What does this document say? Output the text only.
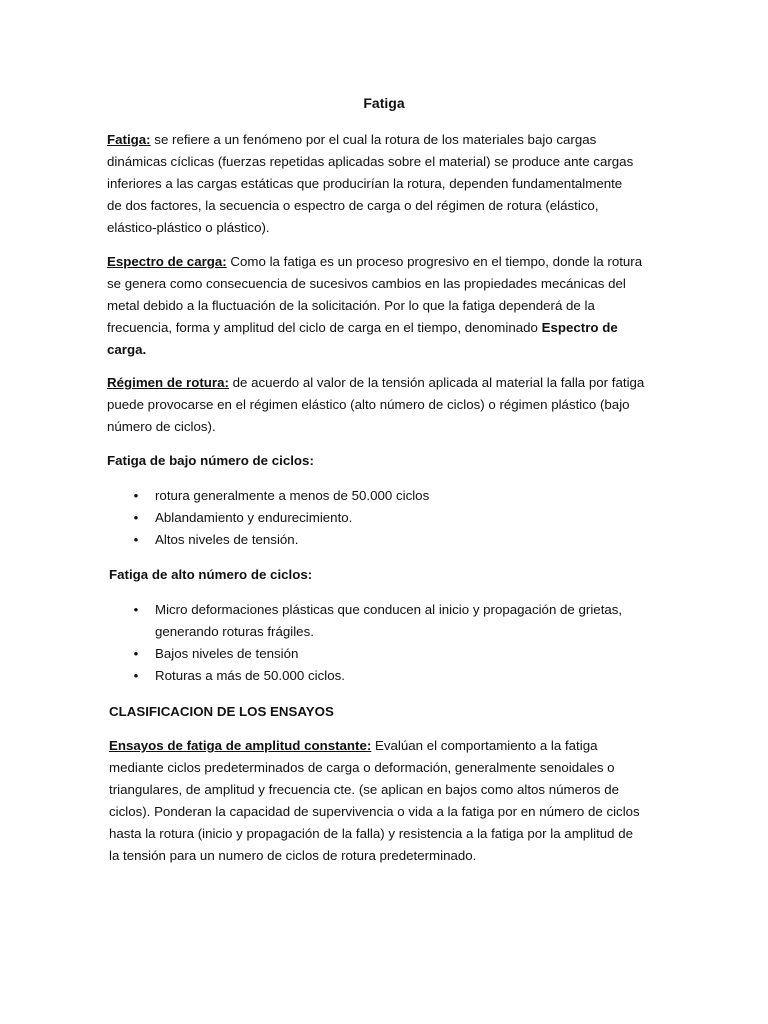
Fatiga
Fatiga: se refiere a un fenómeno por el cual la rotura de los materiales bajo cargas
dinámicas cíclicas (fuerzas repetidas aplicadas sobre el material) se produce ante cargas
inferiores a las cargas estáticas que producirían la rotura, dependen fundamentalmente
de dos factores, la secuencia o espectro de carga o del régimen de rotura (elástico,
elástico-plástico o plástico).
Espectro de carga: Como la fatiga es un proceso progresivo en el tiempo, donde la rotura
se genera como consecuencia de sucesivos cambios en las propiedades mecánicas del
metal debido a la fluctuación de la solicitación. Por lo que la fatiga dependerá de la
frecuencia, forma y amplitud del ciclo de carga en el tiempo, denominado Espectro de
carga.
Régimen de rotura: de acuerdo al valor de la tensión aplicada al material la falla por fatiga
puede provocarse en el régimen elástico (alto número de ciclos) o régimen plástico (bajo
número de ciclos).
Fatiga de bajo número de ciclos:
• rotura generalmente a menos de 50.000 ciclos
• Ablandamiento y endurecimiento.
• Altos niveles de tensión.
Fatiga de alto número de ciclos:
• Micro deformaciones plásticas que conducen al inicio y propagación de grietas,
generando roturas frágiles.
• Bajos niveles de tensión
• Roturas a más de 50.000 ciclos.
CLASIFICACION DE LOS ENSAYOS
Ensayos de fatiga de amplitud constante: Evalúan el comportamiento a la fatiga
mediante ciclos predeterminados de carga o deformación, generalmente senoidales o
triangulares, de amplitud y frecuencia cte. (se aplican en bajos como altos números de
ciclos). Ponderan la capacidad de supervivencia o vida a la fatiga por en número de ciclos
hasta la rotura (inicio y propagación de la falla) y resistencia a la fatiga por la amplitud de
la tensión para un numero de ciclos de rotura predeterminado.
